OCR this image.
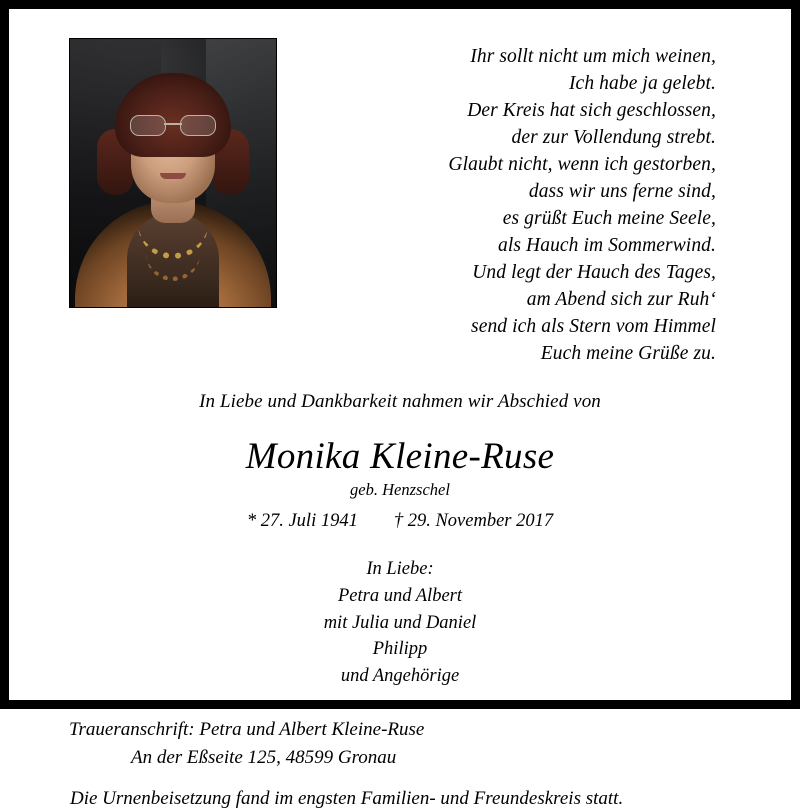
Ihr sollt nicht um mich weinen,
Ich habe ja gelebt.
Der Kreis hat sich geschlossen,
der zur Vollendung strebt.
Glaubt nicht, wenn ich gestorben,
dass wir uns ferne sind,
es grüßt Euch meine Seele,
als Hauch im Sommerwind.
Und legt der Hauch des Tages,
am Abend sich zur Ruh‘
send ich als Stern vom Himmel
Euch meine Grüße zu.
In Liebe und Dankbarkeit nahmen wir Abschied von
Monika Kleine-Ruse
geb. Henzschel
* 27. Juli 1941 † 29. November 2017
In Liebe:
Petra und Albert
mit Julia und Daniel
Philipp
und Angehörige
Traueranschrift: Petra und Albert Kleine-Ruse
An der Eßseite 125, 48599 Gronau
Die Urnenbeisetzung fand im engsten Familien- und Freundeskreis statt.
